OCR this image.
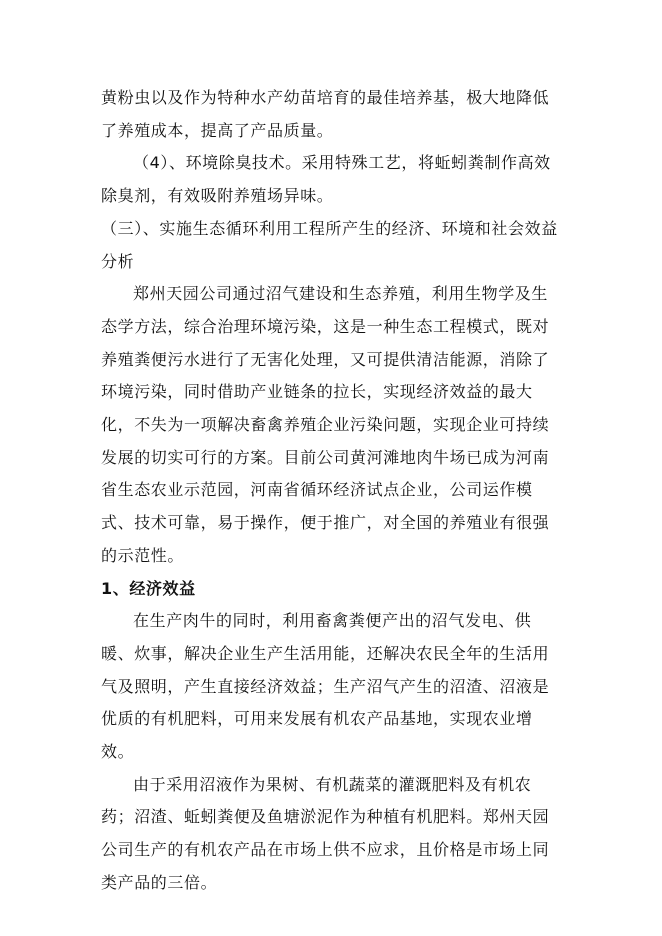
黄粉虫以及作为特种水产幼苗培育的最佳培养基，极大地降低了养殖成本，提高了产品质量。

（4）、环境除臭技术。采用特殊工艺，将蚯蚓粪制作高效除臭剂，有效吸附养殖场异味。

（三）、实施生态循环利用工程所产生的经济、环境和社会效益分析

郑州天园公司通过沼气建设和生态养殖，利用生物学及生态学方法，综合治理环境污染，这是一种生态工程模式，既对养殖粪便污水进行了无害化处理，又可提供清洁能源，消除了环境污染，同时借助产业链条的拉长，实现经济效益的最大化，不失为一项解决畜禽养殖企业污染问题，实现企业可持续发展的切实可行的方案。目前公司黄河滩地肉牛场已成为河南省生态农业示范园，河南省循环经济试点企业，公司运作模式、技术可靠，易于操作，便于推广，对全国的养殖业有很强的示范性。

1、经济效益

在生产肉牛的同时，利用畜禽粪便产出的沼气发电、供暖、炊事，解决企业生产生活用能，还解决农民全年的生活用气及照明，产生直接经济效益；生产沼气产生的沼渣、沼液是优质的有机肥料，可用来发展有机农产品基地，实现农业增效。

由于采用沼液作为果树、有机蔬菜的灌溉肥料及有机农药；沼渣、蚯蚓粪便及鱼塘淤泥作为种植有机肥料。郑州天园公司生产的有机农产品在市场上供不应求，且价格是市场上同类产品的三倍。
